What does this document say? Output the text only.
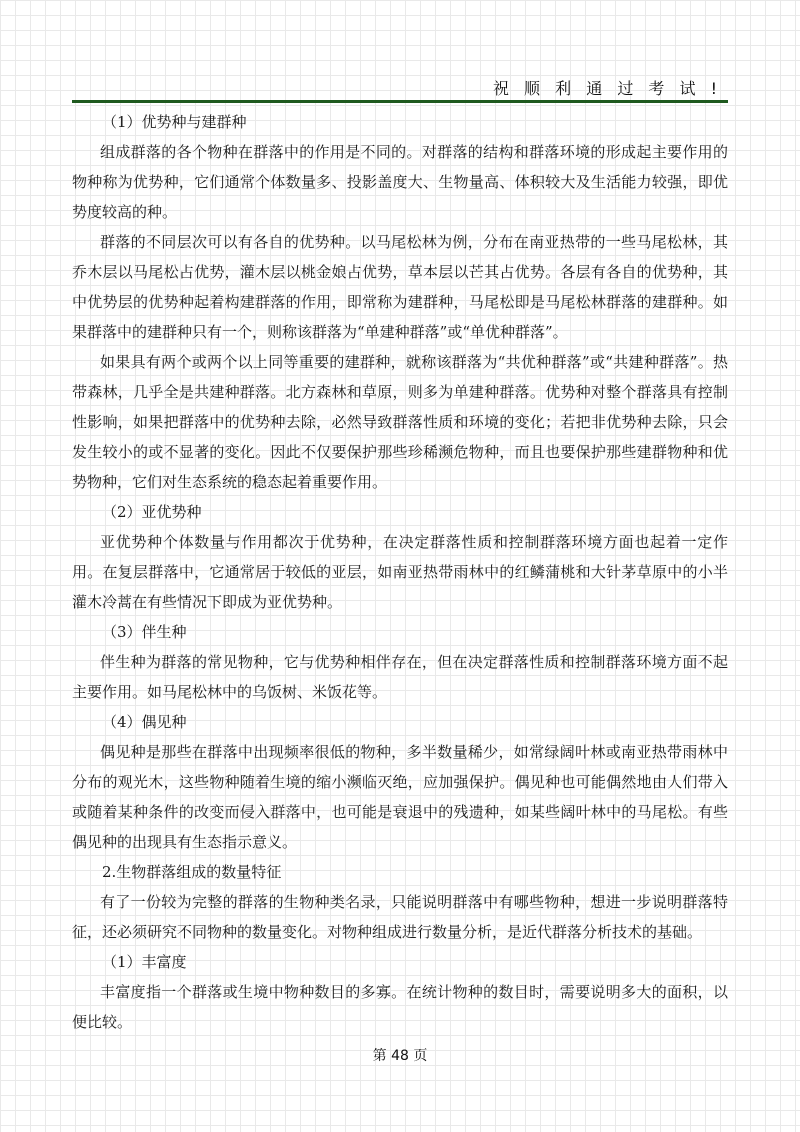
祝 顺 利 通 过 考 试 !

（1）优势种与建群种

组成群落的各个物种在群落中的作用是不同的。对群落的结构和群落环境的形成起主要作用的物种称为优势种，它们通常个体数量多、投影盖度大、生物量高、体积较大及生活能力较强，即优势度较高的种。

群落的不同层次可以有各自的优势种。以马尾松林为例，分布在南亚热带的一些马尾松林，其乔木层以马尾松占优势，灌木层以桃金娘占优势，草本层以芒其占优势。各层有各自的优势种，其中优势层的优势种起着构建群落的作用，即常称为建群种，马尾松即是马尾松林群落的建群种。如果群落中的建群种只有一个，则称该群落为“单建种群落”或“单优种群落”。

如果具有两个或两个以上同等重要的建群种，就称该群落为“共优种群落”或“共建种群落”。热带森林，几乎全是共建种群落。北方森林和草原，则多为单建种群落。优势种对整个群落具有控制性影响，如果把群落中的优势种去除，必然导致群落性质和环境的变化；若把非优势种去除，只会发生较小的或不显著的变化。因此不仅要保护那些珍稀濒危物种，而且也要保护那些建群物种和优势物种，它们对生态系统的稳态起着重要作用。

（2）亚优势种

亚优势种个体数量与作用都次于优势种，在决定群落性质和控制群落环境方面也起着一定作用。在复层群落中，它通常居于较低的亚层，如南亚热带雨林中的红鳞蒲桃和大针茅草原中的小半灌木冷蒿在有些情况下即成为亚优势种。

（3）伴生种

伴生种为群落的常见物种，它与优势种相伴存在，但在决定群落性质和控制群落环境方面不起主要作用。如马尾松林中的乌饭树、米饭花等。

（4）偶见种

偶见种是那些在群落中出现频率很低的物种，多半数量稀少，如常绿阔叶林或南亚热带雨林中分布的观光木，这些物种随着生境的缩小濒临灭绝，应加强保护。偶见种也可能偶然地由人们带入或随着某种条件的改变而侵入群落中，也可能是衰退中的残遗种，如某些阔叶林中的马尾松。有些偶见种的出现具有生态指示意义。

2.生物群落组成的数量特征

有了一份较为完整的群落的生物种类名录，只能说明群落中有哪些物种，想进一步说明群落特征，还必须研究不同物种的数量变化。对物种组成进行数量分析，是近代群落分析技术的基础。

（1）丰富度

丰富度指一个群落或生境中物种数目的多寡。在统计物种的数目时，需要说明多大的面积，以便比较。

第 48 页
